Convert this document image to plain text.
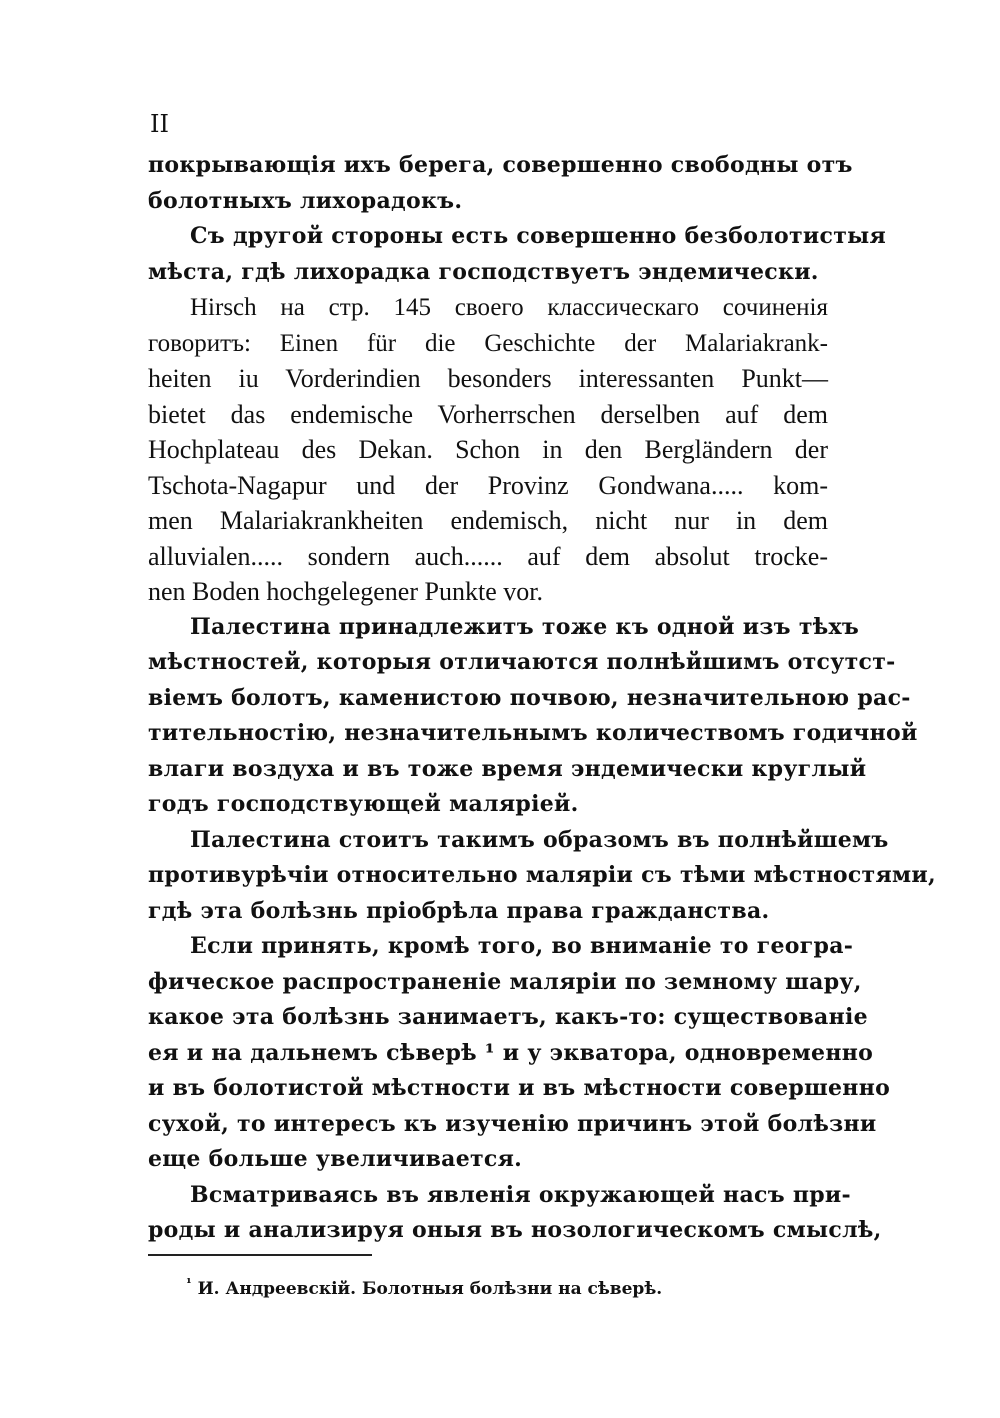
II
покрывающія ихъ берега, совершенно свободны отъ
болотныхъ лихорадокъ.
Съ другой стороны есть совершенно безболотистыя
мѣста, гдѣ лихорадка господствуетъ эндемически.
Hirsch на стр. 145 своего классическаго сочиненія
говоритъ: Einen für die Geschichte der Malariakrank-
heiten iu Vorderindien besonders interessanten Punkt—
bietet das endemische Vorherrschen derselben auf dem
Hochplateau des Dekan. Schon in den Bergländern der
Tschota-Nagapur und der Provinz Gondwana..... kom-
men Malariakrankheiten endemisch, nicht nur in dem
alluvialen..... sondern auch...... auf dem absolut trocke-
nen Boden hochgelegener Punkte vor.
Палестина принадлежитъ тоже къ одной изъ тѣхъ
мѣстностей, которыя отличаются полнѣйшимъ отсутст-
віемъ болотъ, каменистою почвою, незначительною рас-
тительностію, незначительнымъ количествомъ годичной
влаги воздуха и въ тоже время эндемически круглый
годъ господствующей маляріей.
Палестина стоитъ такимъ образомъ въ полнѣйшемъ
противурѣчіи относительно маляріи съ тѣми мѣстностями,
гдѣ эта болѣзнь пріобрѣла права гражданства.
Если принять, кромѣ того, во вниманіе то геогра-
фическое распространеніе маляріи по земному шару,
какое эта болѣзнь занимаетъ, какъ-то: существованіе
ея и на дальнемъ сѣверѣ ¹ и у экватора, одновременно
и въ болотистой мѣстности и въ мѣстности совершенно
сухой, то интересъ къ изученію причинъ этой болѣзни
еще больше увеличивается.
Всматриваясь въ явленія окружающей насъ при-
роды и анализируя оныя въ нозологическомъ смыслѣ,
$^{^1}$ И. Андреевскій. Болотныя болѣзни на сѣверѣ.
